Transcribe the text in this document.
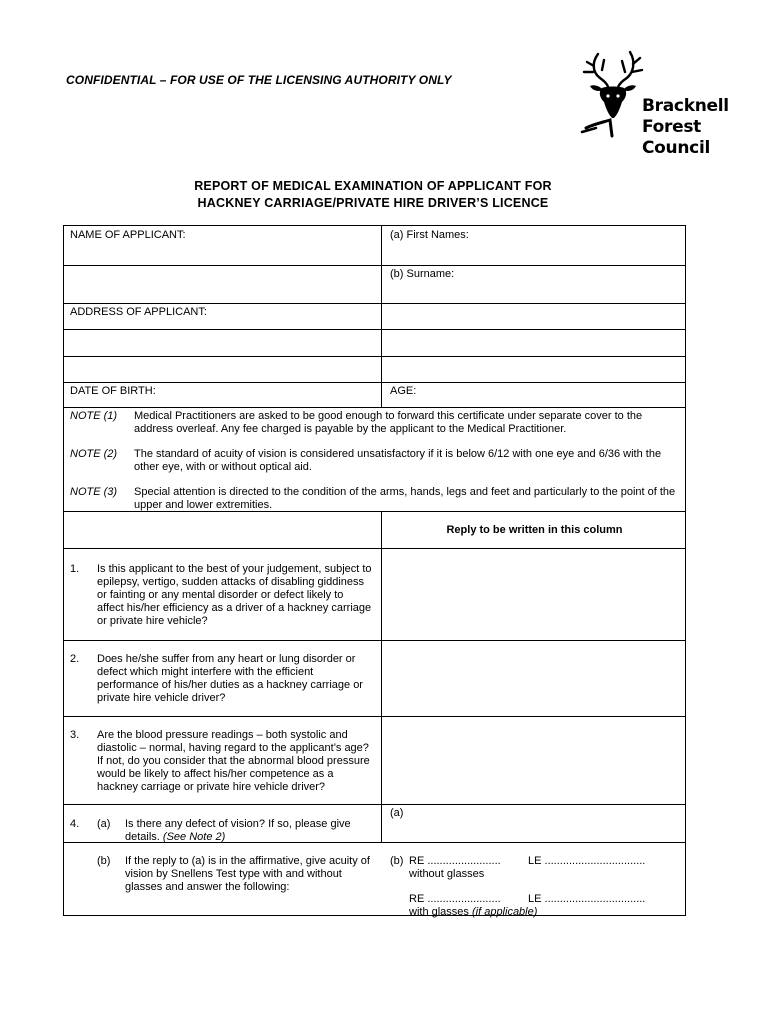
CONFIDENTIAL – FOR USE OF THE LICENSING AUTHORITY ONLY
Bracknell
Forest
Council
REPORT OF MEDICAL EXAMINATION OF APPLICANT FOR
HACKNEY CARRIAGE/PRIVATE HIRE DRIVER’S LICENCE
NAME OF APPLICANT:	(a) First Names:
(b) Surname:
ADDRESS OF APPLICANT:
DATE OF BIRTH:	AGE:
NOTE (1) Medical Practitioners are asked to be good enough to forward this certificate under separate cover to the address overleaf. Any fee charged is payable by the applicant to the Medical Practitioner.
NOTE (2) The standard of acuity of vision is considered unsatisfactory if it is below 6/12 with one eye and 6/36 with the other eye, with or without optical aid.
NOTE (3) Special attention is directed to the condition of the arms, hands, legs and feet and particularly to the point of the upper and lower extremities.
Reply to be written in this column
1. Is this applicant to the best of your judgement, subject to epilepsy, vertigo, sudden attacks of disabling giddiness or fainting or any mental disorder or defect likely to affect his/her efficiency as a driver of a hackney carriage or private hire vehicle?
2. Does he/she suffer from any heart or lung disorder or defect which might interfere with the efficient performance of his/her duties as a hackney carriage or private hire vehicle driver?
3. Are the blood pressure readings – both systolic and diastolic – normal, having regard to the applicant’s age? If not, do you consider that the abnormal blood pressure would be likely to affect his/her competence as a hackney carriage or private hire vehicle driver?
4. (a) Is there any defect of vision? If so, please give details. (See Note 2)
(b) If the reply to (a) is in the affirmative, give acuity of vision by Snellens Test type with and without glasses and answer the following:
(a)
(b) RE ........................ LE .................................
without glasses
RE ........................ LE .................................
with glasses (if applicable)
